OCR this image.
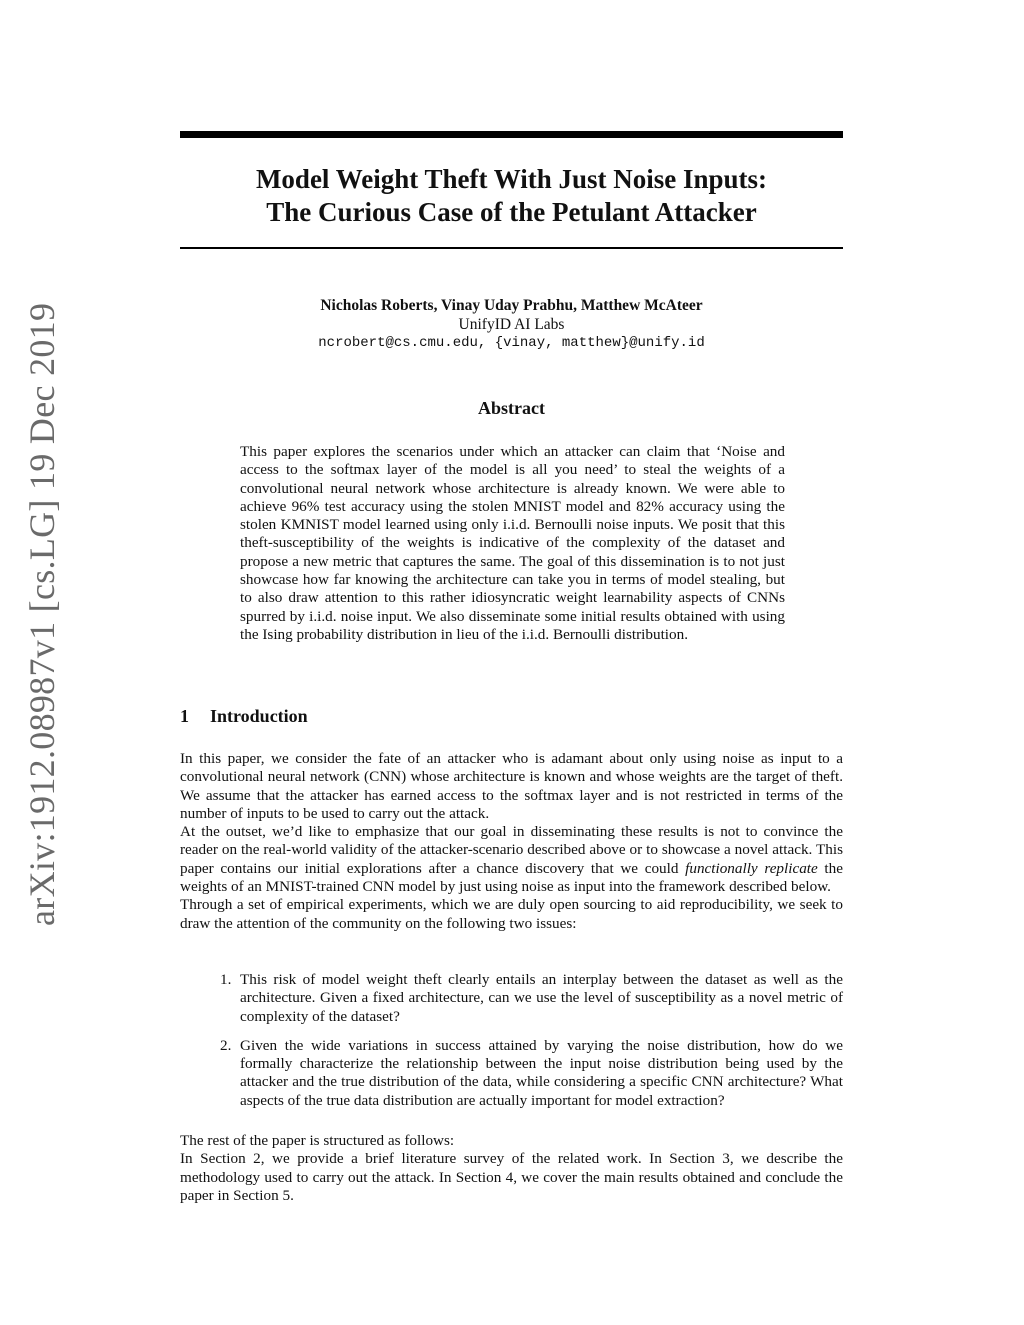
arXiv:1912.08987v1 [cs.LG] 19 Dec 2019
Model Weight Theft With Just Noise Inputs:
The Curious Case of the Petulant Attacker
Nicholas Roberts, Vinay Uday Prabhu, Matthew McAteer
UnifyID AI Labs
ncrobert@cs.cmu.edu, {vinay, matthew}@unify.id
Abstract
This paper explores the scenarios under which an attacker can claim that ‘Noise and access to the softmax layer of the model is all you need’ to steal the weights of a convolutional neural network whose architecture is already known. We were able to achieve 96% test accuracy using the stolen MNIST model and 82% accuracy using the stolen KMNIST model learned using only i.i.d. Bernoulli noise inputs. We posit that this theft-susceptibility of the weights is indicative of the complexity of the dataset and propose a new metric that captures the same. The goal of this dissemination is to not just showcase how far knowing the architecture can take you in terms of model stealing, but to also draw attention to this rather idiosyncratic weight learnability aspects of CNNs spurred by i.i.d. noise input. We also disseminate some initial results obtained with using the Ising probability distribution in lieu of the i.i.d. Bernoulli distribution.
1 Introduction

In this paper, we consider the fate of an attacker who is adamant about only using noise as input to a convolutional neural network (CNN) whose architecture is known and whose weights are the target of theft. We assume that the attacker has earned access to the softmax layer and is not restricted in terms of the number of inputs to be used to carry out the attack.

At the outset, we’d like to emphasize that our goal in disseminating these results is not to convince the reader on the real-world validity of the attacker-scenario described above or to showcase a novel attack. This paper contains our initial explorations after a chance discovery that we could functionally replicate the weights of an MNIST-trained CNN model by just using noise as input into the framework described below.

Through a set of empirical experiments, which we are duly open sourcing to aid reproducibility, we seek to draw the attention of the community on the following two issues:

1. This risk of model weight theft clearly entails an interplay between the dataset as well as the architecture. Given a fixed architecture, can we use the level of susceptibility as a novel metric of complexity of the dataset?
2. Given the wide variations in success attained by varying the noise distribution, how do we formally characterize the relationship between the input noise distribution being used by the attacker and the true distribution of the data, while considering a specific CNN architecture? What aspects of the true data distribution are actually important for model extraction?

The rest of the paper is structured as follows:

In Section 2, we provide a brief literature survey of the related work. In Section 3, we describe the methodology used to carry out the attack. In Section 4, we cover the main results obtained and conclude the paper in Section 5.
